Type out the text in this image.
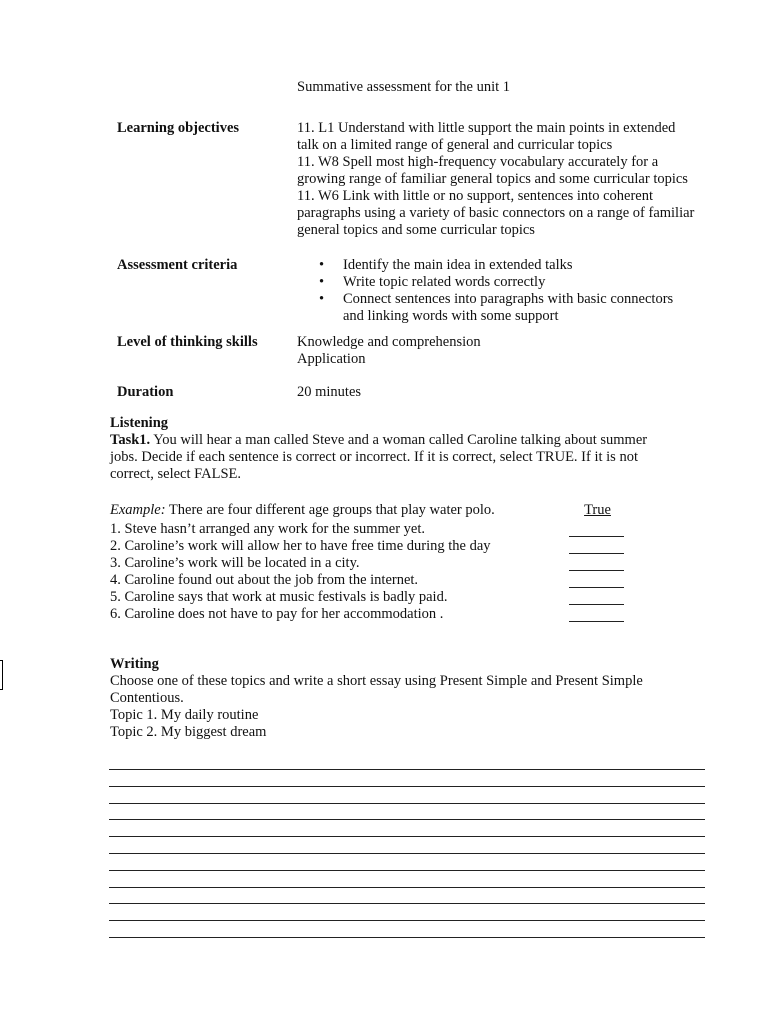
Summative assessment for the unit 1
Learning objectives	11. L1 Understand with little support the main points in extended
talk on a limited range of general and curricular topics
11. W8 Spell most high-frequency vocabulary accurately for a
growing range of familiar general topics and some curricular topics
11. W6 Link with little or no support, sentences into coherent
paragraphs using a variety of basic connectors on a range of familiar
general topics and some curricular topics
Assessment criteria	• Identify the main idea in extended talks
• Write topic related words correctly
• Connect sentences into paragraphs with basic connectors
and linking words with some support
Level of thinking skills	Knowledge and comprehension
Application
Duration	20 minutes
Listening
Task1. You will hear a man called Steve and a woman called Caroline talking about summer
jobs. Decide if each sentence is correct or incorrect. If it is correct, select TRUE. If it is not
correct, select FALSE.
Example: There are four different age groups that play water polo.	True
1. Steve hasn’t arranged any work for the summer yet.
2. Caroline’s work will allow her to have free time during the day
3. Caroline’s work will be located in a city.
4. Caroline found out about the job from the internet.
5. Caroline says that work at music festivals is badly paid.
6. Caroline does not have to pay for her accommodation .
Writing
Choose one of these topics and write a short essay using Present Simple and Present Simple
Contentious.
Topic 1. My daily routine
Topic 2. My biggest dream
